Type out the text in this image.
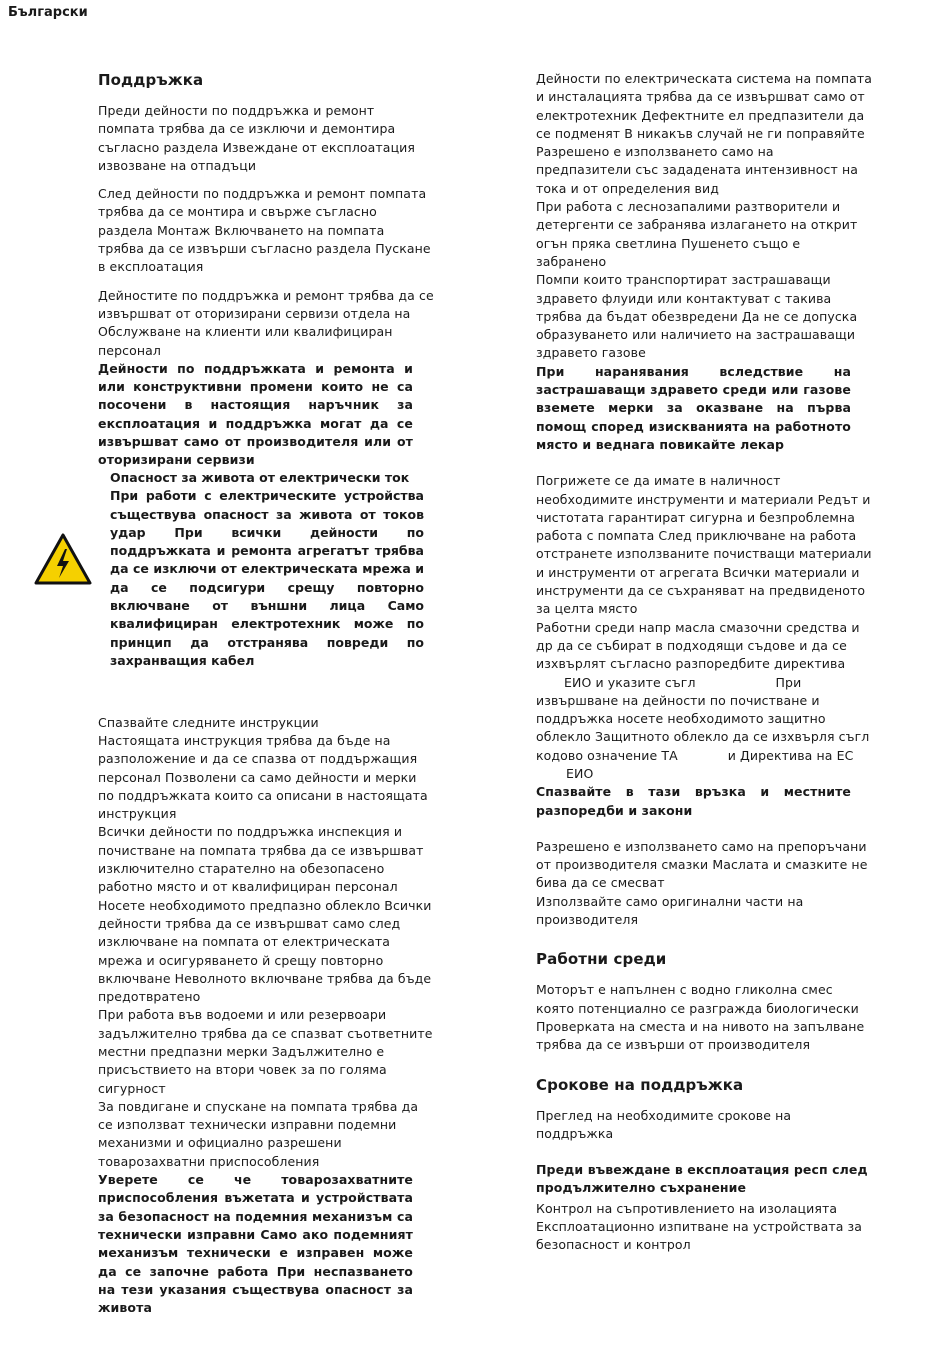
Български
Поддръжка

Преди дейности по поддръжка и ремонт помпата трябва да се изключи и демонтира съгласно раздела Извеждане от експлоатация извозване на отпадъци

След дейности по поддръжка и ремонт помпата трябва да се монтира и свърже съгласно раздела Монтаж Включването на помпата трябва да се извърши съгласно раздела Пускане в експлоатация

Дейностите по поддръжка и ремонт трябва да се извършват от оторизирани сервизи отдела на Обслужване на клиенти или квалифициран персонал

Дейности по поддръжката и ремонта и или конструктивни промени които не са посочени в настоящия наръчник за експлоатация и поддръжка могат да се извършват само от производителя или от оторизирани сервизи

Спазвайте следните инструкции

Настоящата инструкция трябва да бъде на разположение и да се спазва от поддържащия персонал Позволени са само дейности и мерки по поддръжката които са описани в настоящата инструкция

Всички дейности по поддръжка инспекция и почистване на помпата трябва да се извършват изключително старателно на обезопасено работно място и от квалифициран персонал Носете необходимото предпазно облекло Всички дейности трябва да се извършват само след изключване на помпата от електрическата мрежа и осигуряването й срещу повторно включване Неволното включване трябва да бъде предотвратено

При работа във водоеми и или резервоари задължително трябва да се спазват съответните местни предпазни мерки Задължително е присъствието на втори човек за по голяма сигурност

За повдигане и спускане на помпата трябва да се използват технически изправни подемни механизми и официално разрешени товарозахватни приспособления

Уверете се че товарозахватните приспособления въжетата и устройствата за безопасност на подемния механизъм са технически изправни Само ако подемният механизъм технически е изправен може да се започне работа При неспазването на тези указания съществува опасност за живота

Опасност за живота от електрически ток

При работи с електрическите устройства съществува опасност за живота от токов удар При всички дейности по поддръжката и ремонта агрегатът трябва да се изключи от електрическата мрежа и да се подсигури срещу повторно включване от външни лица Само квалифициран електротехник може по принцип да отстранява повреди по захранващия кабел

Дейности по електрическата система на помпата и инсталацията трябва да се извършват само от електротехник Дефектните ел предпазители да се подменят В никакъв случай не ги поправяйте Разрешено е използването само на предпазители със зададената интензивност на тока и от определения вид

При работа с леснозапалими разтворители и детергенти се забранява излагането на открит огън пряка светлина Пушенето също е забранено

Помпи които транспортират застрашаващи здравето флуиди или контактуват с такива трябва да бъдат обезвредени Да не се допуска образуването или наличието на застрашаващи здравето газове

При наранявания вследствие на застрашаващи здравето среди или газове вземете мерки за оказване на първа помощ според изискванията на работното място и веднага повикайте лекар

Погрижете се да имате в наличност необходимите инструменти и материали Редът и чистотата гарантират сигурна и безпроблемна работа с помпата След приключване на работа отстранете използваните почистващи материали и инструменти от агрегата Всички материали и инструменти да се съхраняват на предвиденото за целта място

Работни среди напр масла смазочни средства и др да се събират в подходящи съдове и да се изхвърлят съгласно разпоредбите директива

ЕИО и указите съгл	При

извършване на дейности по почистване и поддръжка носете необходимото защитно облекло Защитното облекло да се изхвърля съгл кодово означение ТА	и Директива на ЕС

ЕИО

Спазвайте в тази връзка и местните разпоредби и закони

Разрешено е използването само на препоръчани от производителя смазки Маслата и смазките не бива да се смесват

Използвайте само оригинални части на производителя

Работни среди

Моторът е напълнен с водно гликолна смес която потенциално се разгражда биологически Проверката на сместа и на нивото на запълване трябва да се извърши от производителя

Срокове на поддръжка

Преглед на необходимите срокове на поддръжка

Преди въвеждане в експлоатация респ след продължително съхранение

Контрол на съпротивлението на изолацията

Експлоатационно изпитване на устройствата за безопасност и контрол
